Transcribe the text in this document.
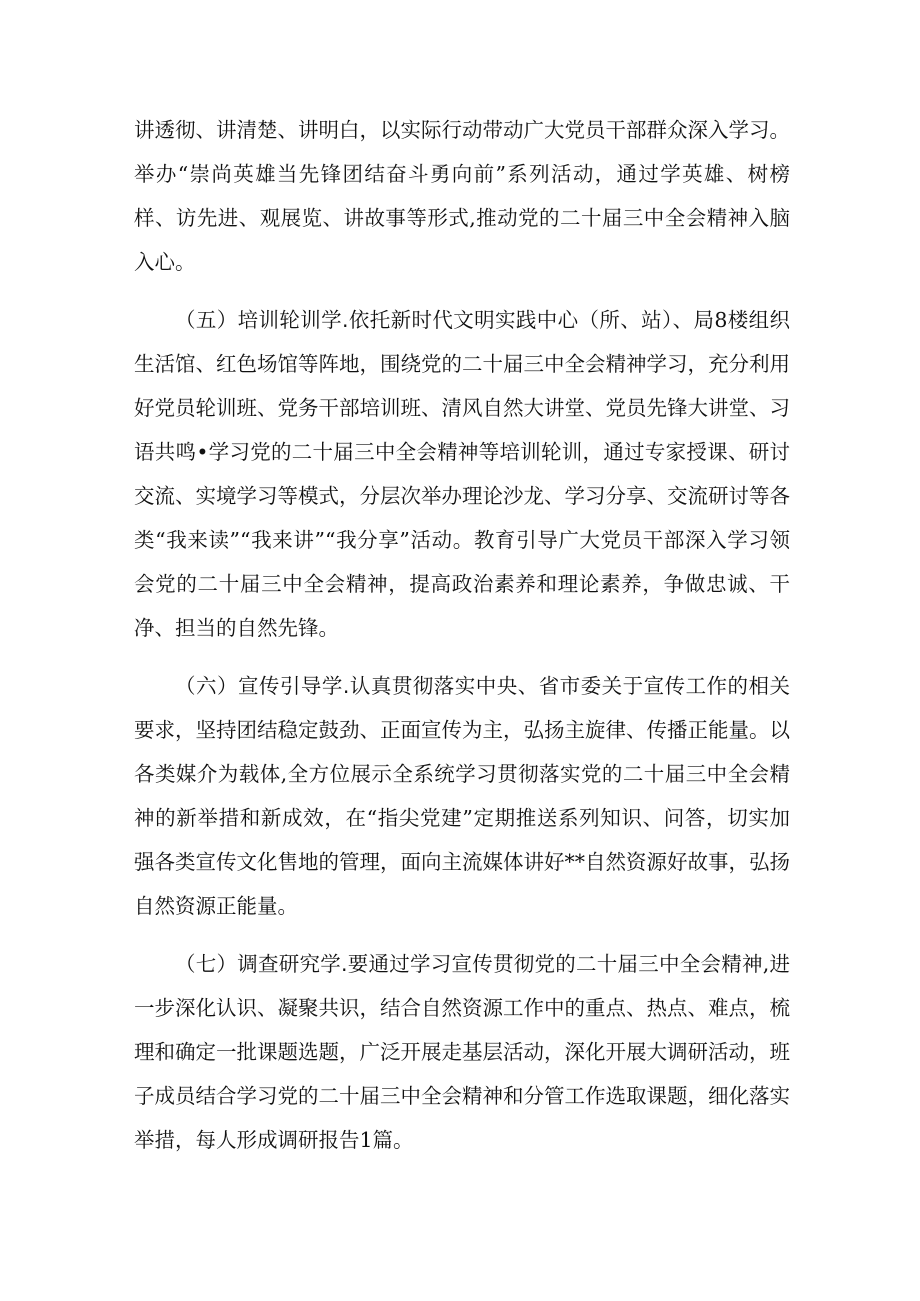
讲透彻、讲清楚、讲明白，以实际行动带动广大党员干部群众深入学习。举办“崇尚英雄当先锋团结奋斗勇向前”系列活动，通过学英雄、树榜样、访先进、观展览、讲故事等形式,推动党的二十届三中全会精神入脑入心。

（五）培训轮训学.依托新时代文明实践中心（所、站）、局8楼组织生活馆、红色场馆等阵地，围绕党的二十届三中全会精神学习，充分利用好党员轮训班、党务干部培训班、清风自然大讲堂、党员先锋大讲堂、习语共鸣•学习党的二十届三中全会精神等培训轮训，通过专家授课、研讨交流、实境学习等模式，分层次举办理论沙龙、学习分享、交流研讨等各类“我来读”“我来讲”“我分享”活动。教育引导广大党员干部深入学习领会党的二十届三中全会精神，提高政治素养和理论素养，争做忠诚、干净、担当的自然先锋。

（六）宣传引导学.认真贯彻落实中央、省市委关于宣传工作的相关要求，坚持团结稳定鼓劲、正面宣传为主，弘扬主旋律、传播正能量。以各类媒介为载体,全方位展示全系统学习贯彻落实党的二十届三中全会精神的新举措和新成效，在“指尖党建”定期推送系列知识、问答，切实加强各类宣传文化售地的管理，面向主流媒体讲好**自然资源好故事，弘扬自然资源正能量。

（七）调查研究学.要通过学习宣传贯彻党的二十届三中全会精神,进一步深化认识、凝聚共识，结合自然资源工作中的重点、热点、难点，梳理和确定一批课题选题，广泛开展走基层活动，深化开展大调研活动，班子成员结合学习党的二十届三中全会精神和分管工作选取课题，细化落实举措，每人形成调研报告1篇。
